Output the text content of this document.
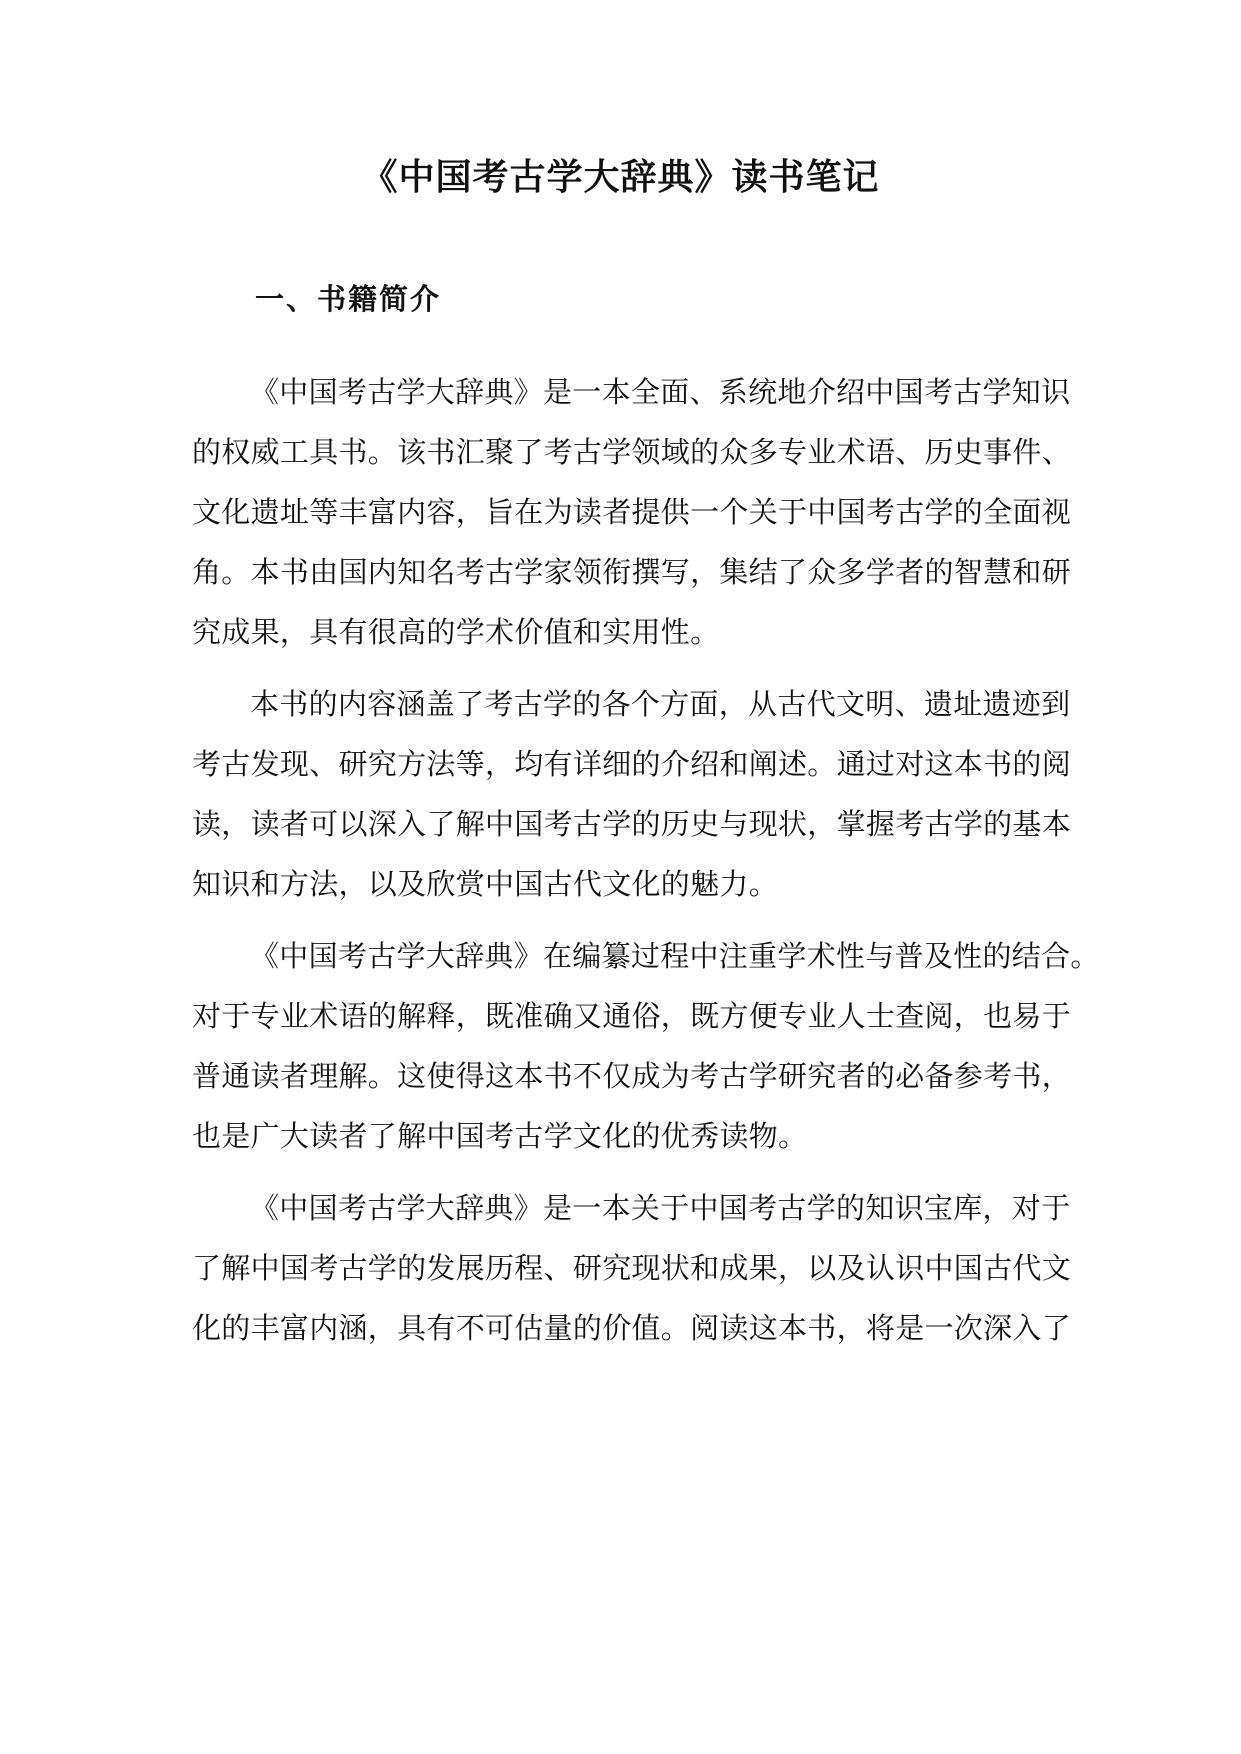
《中国考古学大辞典》读书笔记
一、书籍简介

《中国考古学大辞典》是一本全面、系统地介绍中国考古学知识
的权威工具书。该书汇聚了考古学领域的众多专业术语、历史事件、
文化遗址等丰富内容，旨在为读者提供一个关于中国考古学的全面视
角。本书由国内知名考古学家领衔撰写，集结了众多学者的智慧和研
究成果，具有很高的学术价值和实用性。

本书的内容涵盖了考古学的各个方面，从古代文明、遗址遗迹到
考古发现、研究方法等，均有详细的介绍和阐述。通过对这本书的阅
读，读者可以深入了解中国考古学的历史与现状，掌握考古学的基本
知识和方法，以及欣赏中国古代文化的魅力。

《中国考古学大辞典》在编纂过程中注重学术性与普及性的结合。
对于专业术语的解释，既准确又通俗，既方便专业人士查阅，也易于
普通读者理解。这使得这本书不仅成为考古学研究者的必备参考书，
也是广大读者了解中国考古学文化的优秀读物。

《中国考古学大辞典》是一本关于中国考古学的知识宝库，对于
了解中国考古学的发展历程、研究现状和成果，以及认识中国古代文
化的丰富内涵，具有不可估量的价值。阅读这本书，将是一次深入了
